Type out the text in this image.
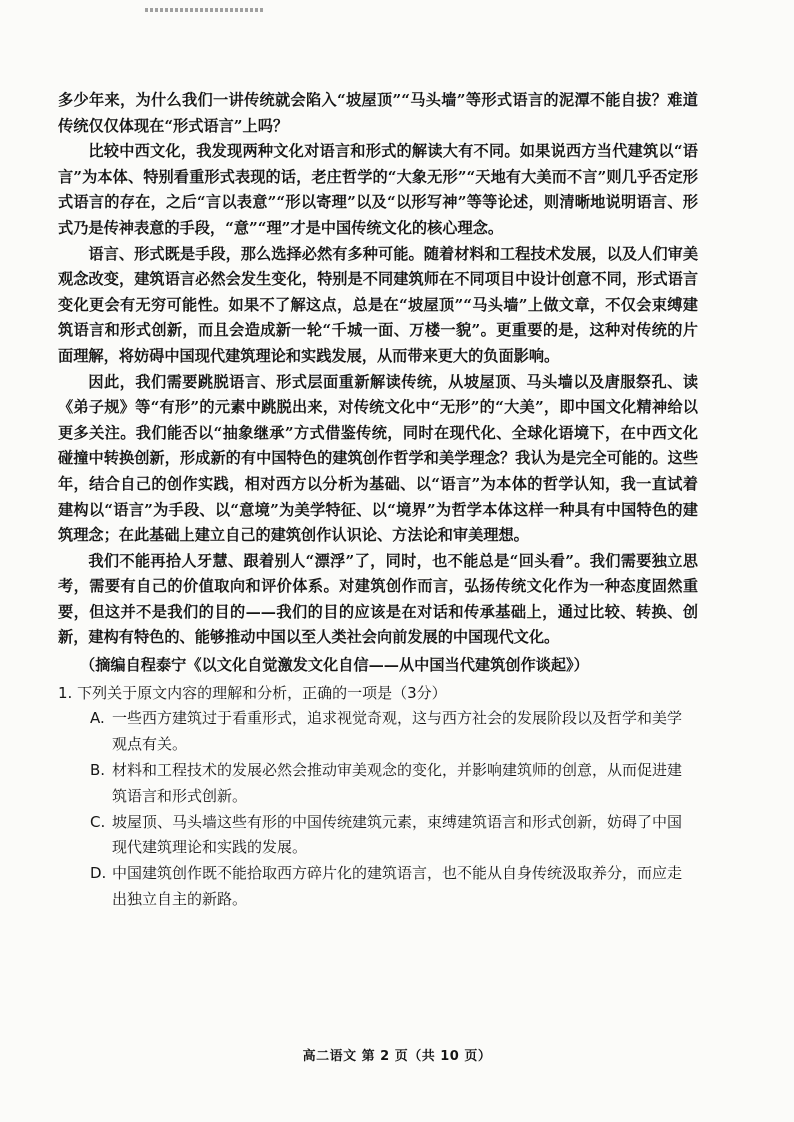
多少年来，为什么我们一讲传统就会陷入“坡屋顶”“马头墙”等形式语言的泥潭不能自拔？难道传统仅仅体现在“形式语言”上吗？

比较中西文化，我发现两种文化对语言和形式的解读大有不同。如果说西方当代建筑以“语言”为本体、特别看重形式表现的话，老庄哲学的“大象无形”“天地有大美而不言”则几乎否定形式语言的存在，之后“言以表意”“形以寄理”以及“以形写神”等等论述，则清晰地说明语言、形式乃是传神表意的手段，“意”“理”才是中国传统文化的核心理念。

语言、形式既是手段，那么选择必然有多种可能。随着材料和工程技术发展，以及人们审美观念改变，建筑语言必然会发生变化，特别是不同建筑师在不同项目中设计创意不同，形式语言变化更会有无穷可能性。如果不了解这点，总是在“坡屋顶”“马头墙”上做文章，不仅会束缚建筑语言和形式创新，而且会造成新一轮“千城一面、万楼一貌”。更重要的是，这种对传统的片面理解，将妨碍中国现代建筑理论和实践发展，从而带来更大的负面影响。

因此，我们需要跳脱语言、形式层面重新解读传统，从坡屋顶、马头墙以及唐服祭孔、读《弟子规》等“有形”的元素中跳脱出来，对传统文化中“无形”的“大美”，即中国文化精神给以更多关注。我们能否以“抽象继承”方式借鉴传统，同时在现代化、全球化语境下，在中西文化碰撞中转换创新，形成新的有中国特色的建筑创作哲学和美学理念？我认为是完全可能的。这些年，结合自己的创作实践，相对西方以分析为基础、以“语言”为本体的哲学认知，我一直试着建构以“语言”为手段、以“意境”为美学特征、以“境界”为哲学本体这样一种具有中国特色的建筑理念；在此基础上建立自己的建筑创作认识论、方法论和审美理想。

我们不能再拾人牙慧、跟着别人“漂浮”了，同时，也不能总是“回头看”。我们需要独立思考，需要有自己的价值取向和评价体系。对建筑创作而言，弘扬传统文化作为一种态度固然重要，但这并不是我们的目的——我们的目的应该是在对话和传承基础上，通过比较、转换、创新，建构有特色的、能够推动中国以至人类社会向前发展的中国现代文化。

（摘编自程泰宁《以文化自觉激发文化自信——从中国当代建筑创作谈起》）

1. 下列关于原文内容的理解和分析，正确的一项是（3分）

A. 一些西方建筑过于看重形式，追求视觉奇观，这与西方社会的发展阶段以及哲学和美学观点有关。
B. 材料和工程技术的发展必然会推动审美观念的变化，并影响建筑师的创意，从而促进建筑语言和形式创新。
C. 坡屋顶、马头墙这些有形的中国传统建筑元素，束缚建筑语言和形式创新，妨碍了中国现代建筑理论和实践的发展。
D. 中国建筑创作既不能拾取西方碎片化的建筑语言，也不能从自身传统汲取养分，而应走出独立自主的新路。
高二语文 第 2 页（共 10 页）
